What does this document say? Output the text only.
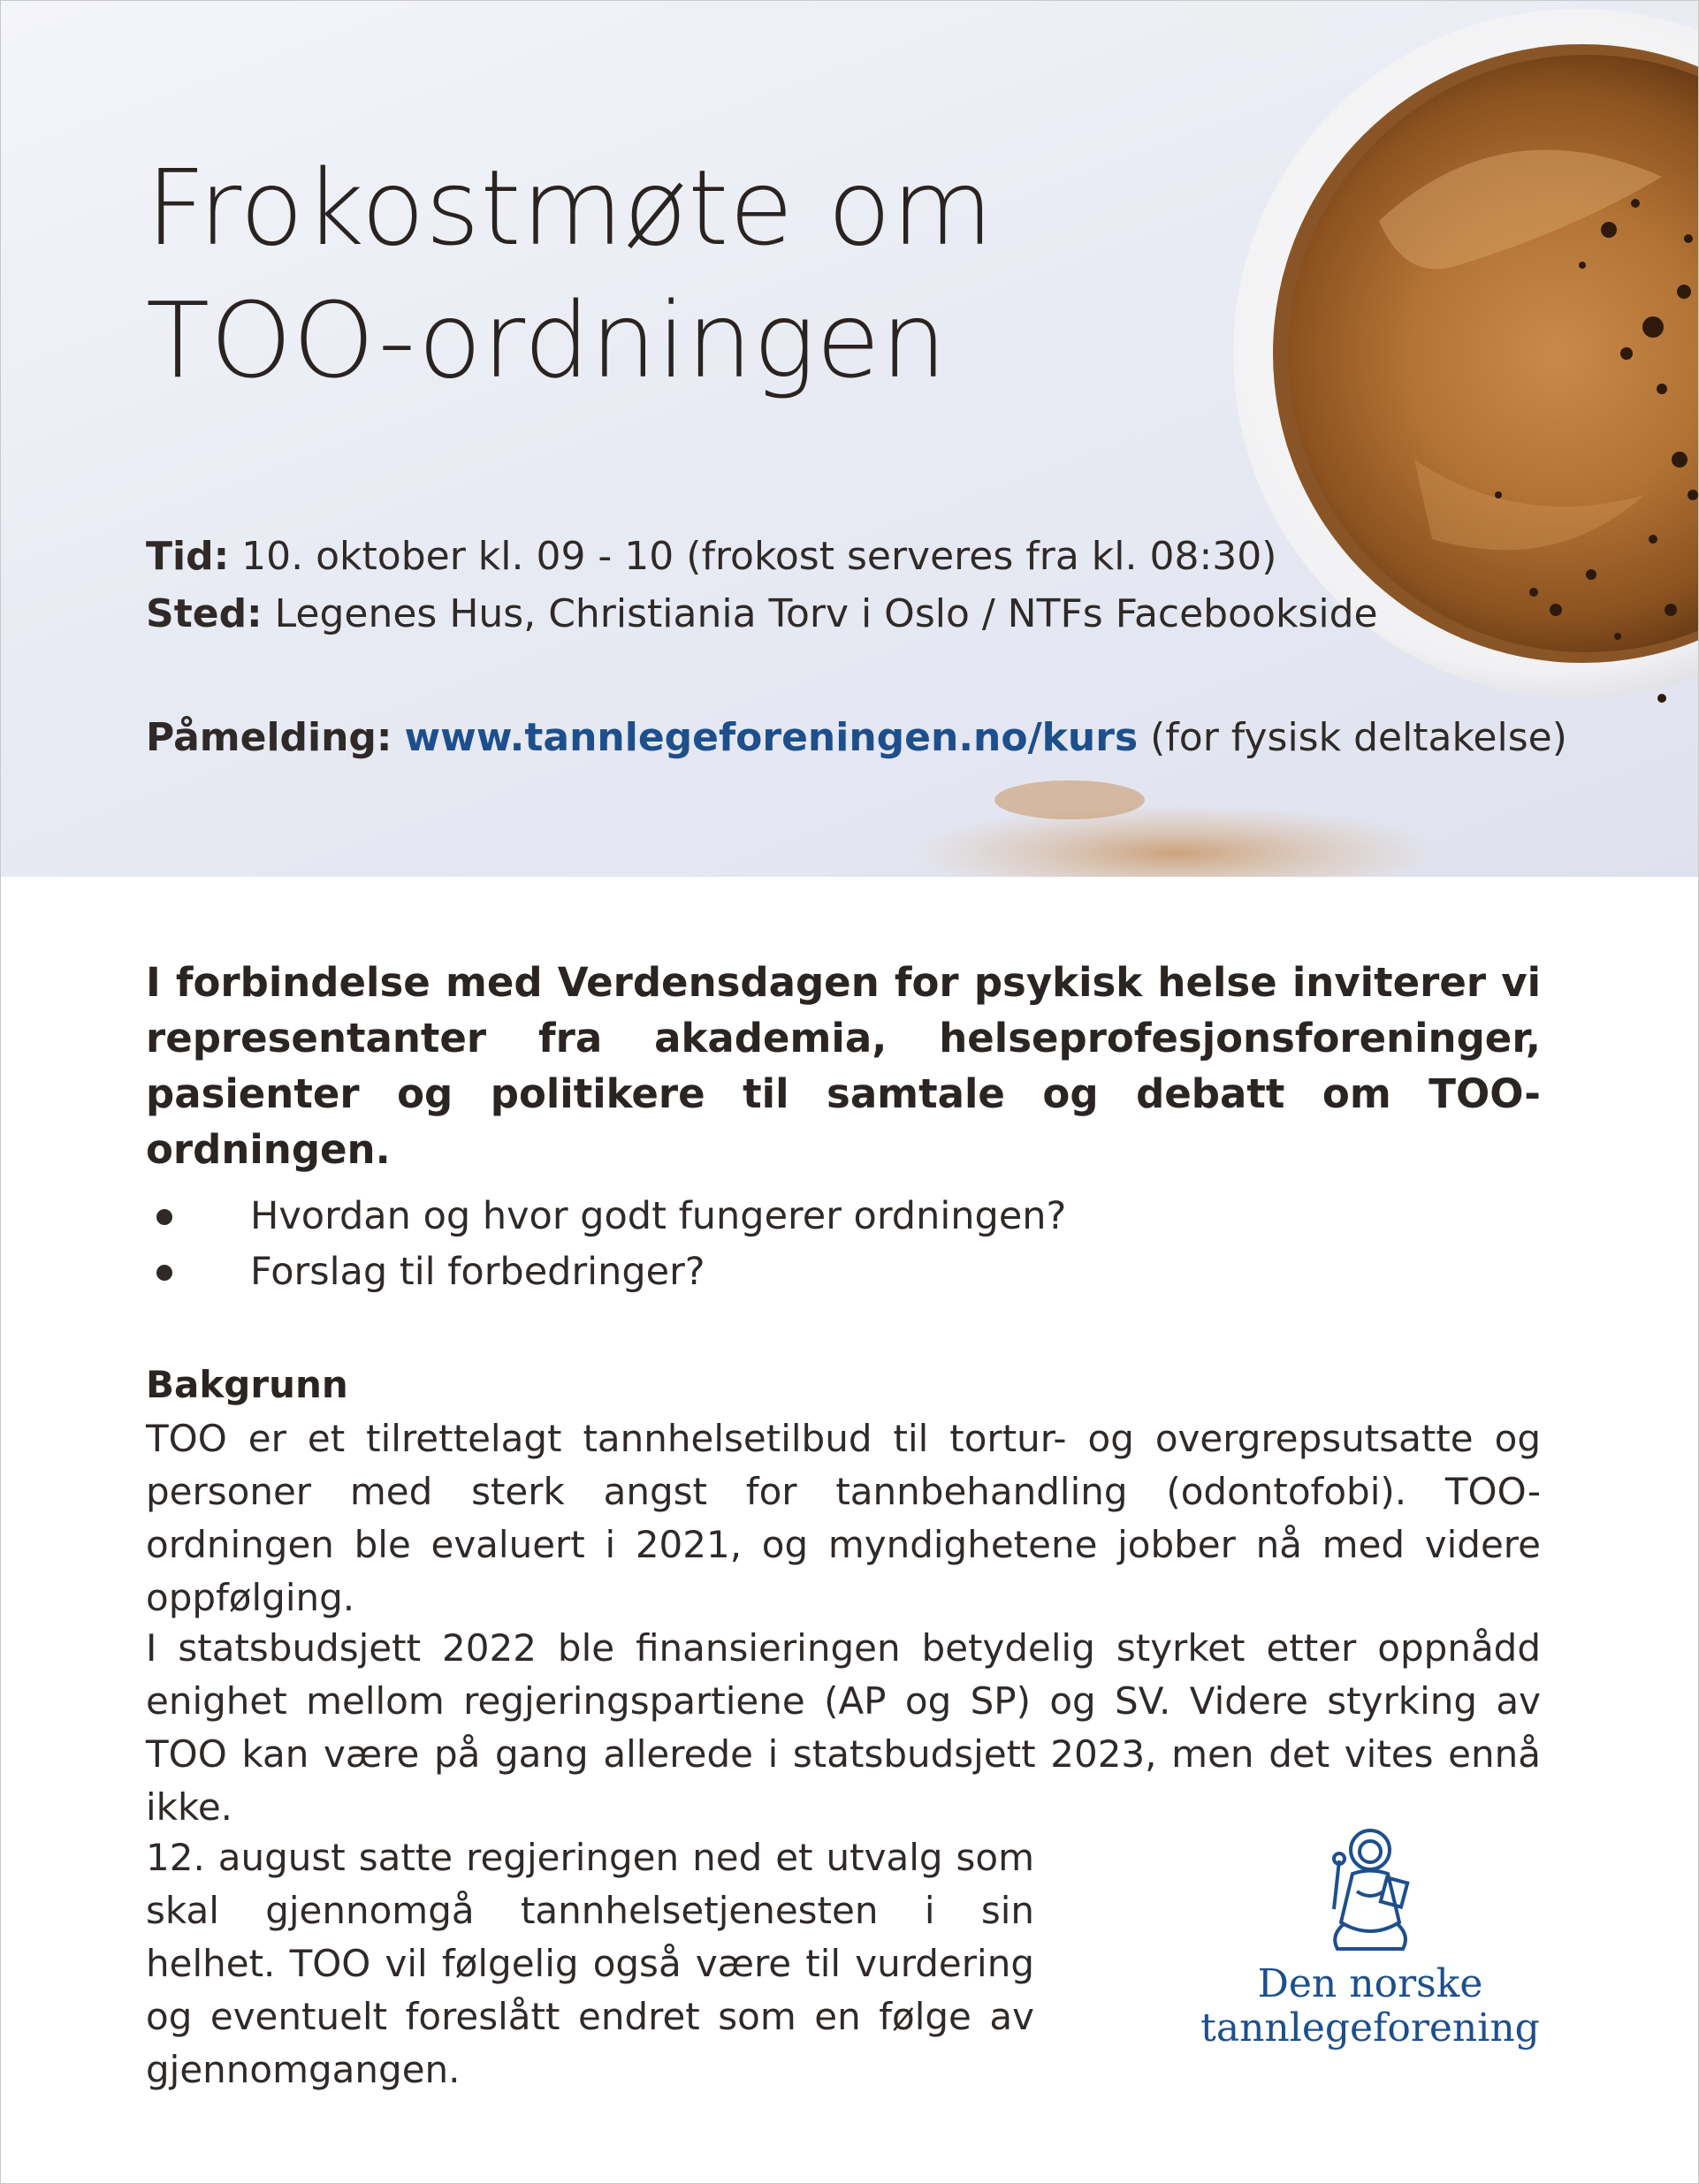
Frokostmøte om
TOO-ordningen
Tid: 10. oktober kl. 09 - 10 (frokost serveres fra kl. 08:30)
Sted: Legenes Hus, Christiania Torv i Oslo / NTFs Facebookside
Påmelding: www.tannlegeforeningen.no/kurs (for fysisk deltakelse)

I forbindelse med Verdensdagen for psykisk helse inviterer vi representanter fra akademia, helseprofesjonsforeninger, pasienter og politikere til samtale og debatt om TOO-ordningen.

Hvordan og hvor godt fungerer ordningen?
Forslag til forbedringer?
Bakgrunn

TOO er et tilrettelagt tannhelsetilbud til tortur- og overgrepsutsatte og personer med sterk angst for tannbehandling (odontofobi). TOO-ordningen ble evaluert i 2021, og myndighetene jobber nå med videre oppfølging.

I statsbudsjett 2022 ble finansieringen betydelig styrket etter oppnådd enighet mellom regjeringspartiene (AP og SP) og SV. Videre styrking av TOO kan være på gang allerede i statsbudsjett 2023, men det vites ennå ikke.

12. august satte regjeringen ned et utvalg som skal gjennomgå tannhelsetjenesten i sin helhet. TOO vil følgelig også være til vurdering og eventuelt foreslått endret som en følge av gjennomgangen.

Den norske
tannlegeforening
